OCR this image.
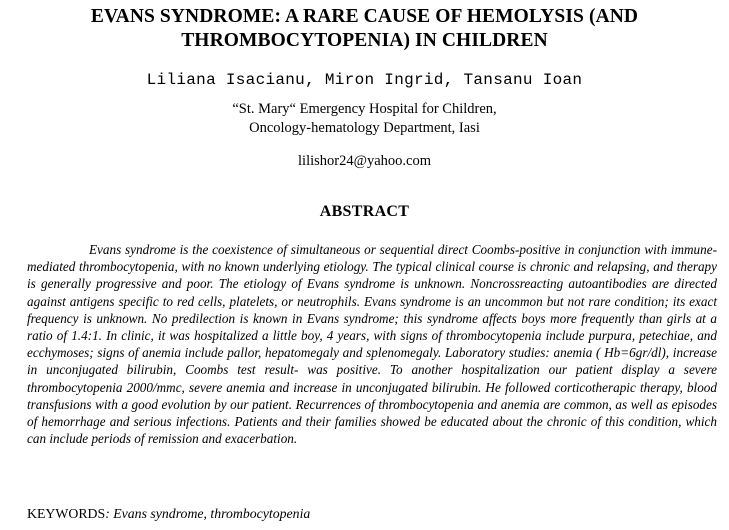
EVANS SYNDROME: A RARE CAUSE OF HEMOLYSIS (AND
THROMBOCYTOPENIA) IN CHILDREN

Liliana Isacianu, Miron Ingrid, Tansanu Ioan

“St. Mary“ Emergency Hospital for Children,

Oncology-hematology Department, Iasi

lilishor24@yahoo.com

ABSTRACT

Evans syndrome is the coexistence of simultaneous or sequential direct Coombs-positive in conjunction with immune-mediated thrombocytopenia, with no known underlying etiology. The typical clinical course is chronic and relapsing, and therapy is generally progressive and poor. The etiology of Evans syndrome is unknown. Noncrossreacting autoantibodies are directed against antigens specific to red cells, platelets, or neutrophils. Evans syndrome is an uncommon but not rare condition; its exact frequency is unknown. No predilection is known in Evans syndrome; this syndrome affects boys more frequently than girls at a ratio of 1.4:1. In clinic, it was hospitalized a little boy, 4 years, with signs of thrombocytopenia include purpura, petechiae, and ecchymoses; signs of anemia include pallor, hepatomegaly and splenomegaly. Laboratory studies: anemia ( Hb=6gr/dl), increase in unconjugated bilirubin, Coombs test result- was positive. To another hospitalization our patient display a severe thrombocytopenia 2000/mmc, severe anemia and increase in unconjugated bilirubin. He followed corticotherapic therapy, blood transfusions with a good evolution by our patient. Recurrences of thrombocytopenia and anemia are common, as well as episodes of hemorrhage and serious infections. Patients and their families showed be educated about the chronic of this condition, which can include periods of remission and exacerbation.

KEYWORDS: Evans syndrome, thrombocytopenia
